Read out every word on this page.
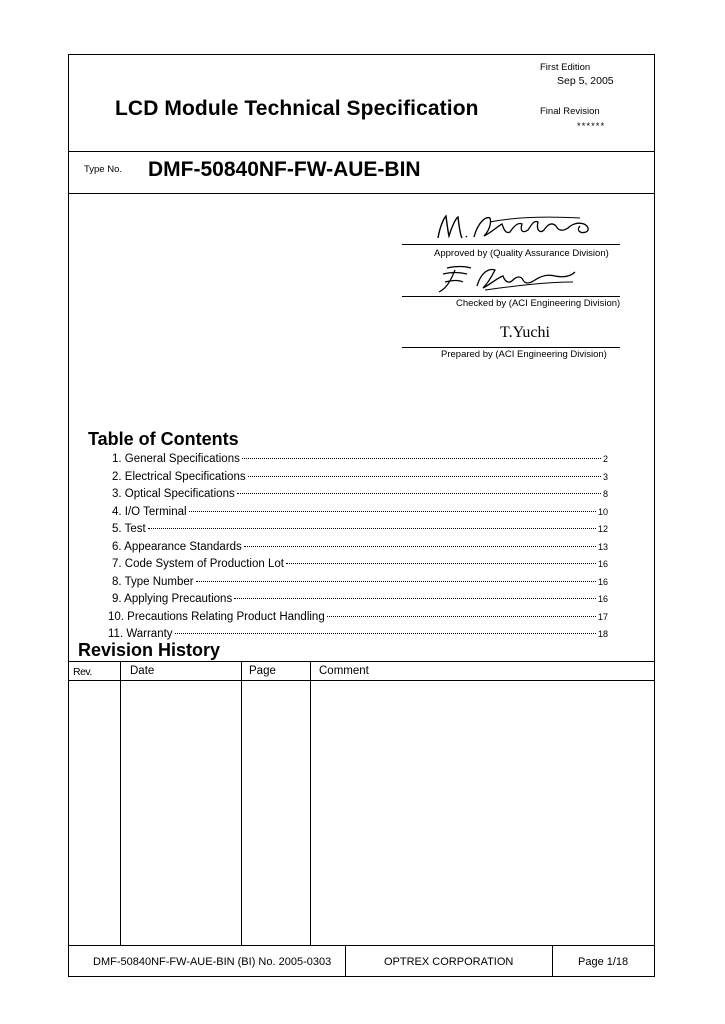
First Edition
Sep 5, 2005
LCD Module Technical Specification	Final Revision
******
Type No. DMF-50840NF-FW-AUE-BIN
Approved by (Quality Assurance Division)
Checked by (ACI Engineering Division)
T.Yuchi
Prepared by (ACI Engineering Division)
Table of Contents
1. General Specifications	2
2. Electrical Specifications	3
3. Optical Specifications	8
4. I/O Terminal	10
5. Test	12
6. Appearance Standards	13
7. Code System of Production Lot	16
8. Type Number	16
9. Applying Precautions	16
10. Precautions Relating Product Handling	17
11. Warranty	18
Revision History
Rev.	Date	Page	Comment
DMF-50840NF-FW-AUE-BIN (BI) No. 2005-0303	OPTREX CORPORATION	Page 1/18
